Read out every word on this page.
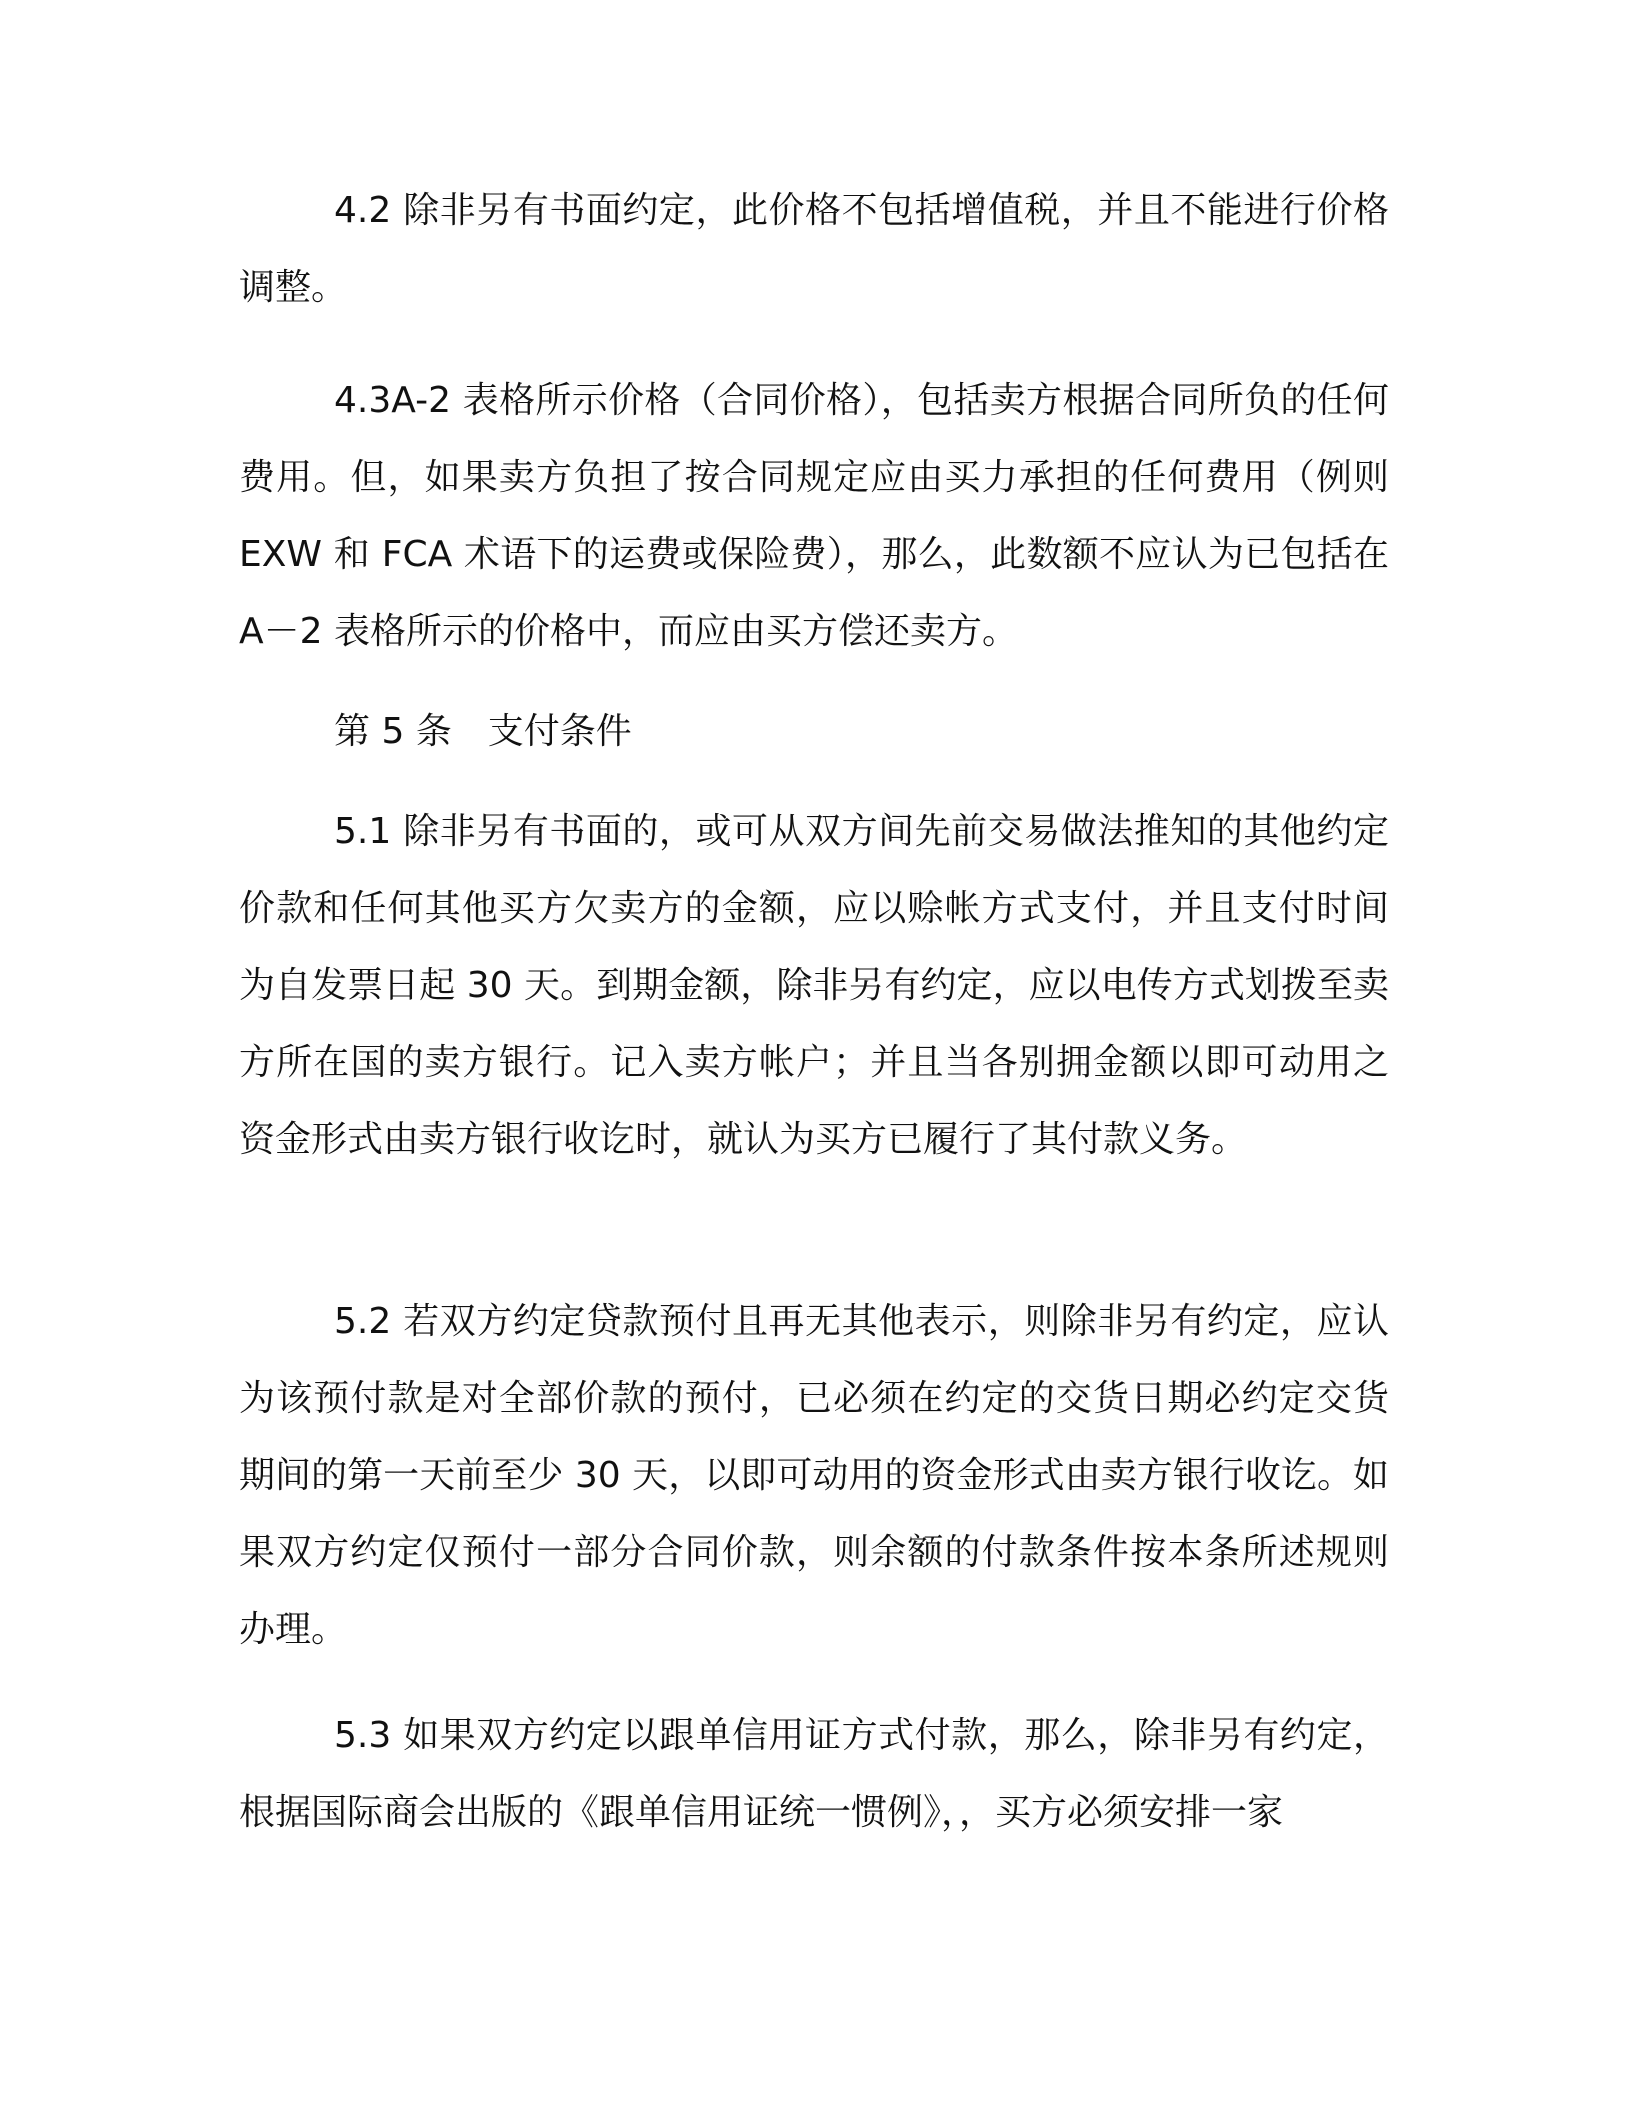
4.2 除非另有书面约定，此价格不包括增值税，并且不能进行价格调整。

4.3A-2 表格所示价格（合同价格），包括卖方根据合同所负的任何费用。但，如果卖方负担了按合同规定应由买力承担的任何费用（例则 EXW 和 FCA 术语下的运费或保险费），那么，此数额不应认为已包括在 A－2 表格所示的价格中，而应由买方偿还卖方。

第 5 条　支付条件

5.1 除非另有书面的，或可从双方间先前交易做法推知的其他约定价款和任何其他买方欠卖方的金额，应以赊帐方式支付，并且支付时间为自发票日起 30 天。到期金额，除非另有约定，应以电传方式划拨至卖方所在国的卖方银行。记入卖方帐户；并且当各别拥金额以即可动用之资金形式由卖方银行收讫时，就认为买方已履行了其付款义务。

5.2 若双方约定贷款预付且再无其他表示，则除非另有约定，应认为该预付款是对全部价款的预付，已必须在约定的交货日期必约定交货期间的第一天前至少 30 天，以即可动用的资金形式由卖方银行收讫。如果双方约定仅预付一部分合同价款，则余额的付款条件按本条所述规则办理。

5.3 如果双方约定以跟单信用证方式付款，那么，除非另有约定，根据国际商会出版的《跟单信用证统一惯例》，，买方必须安排一家
